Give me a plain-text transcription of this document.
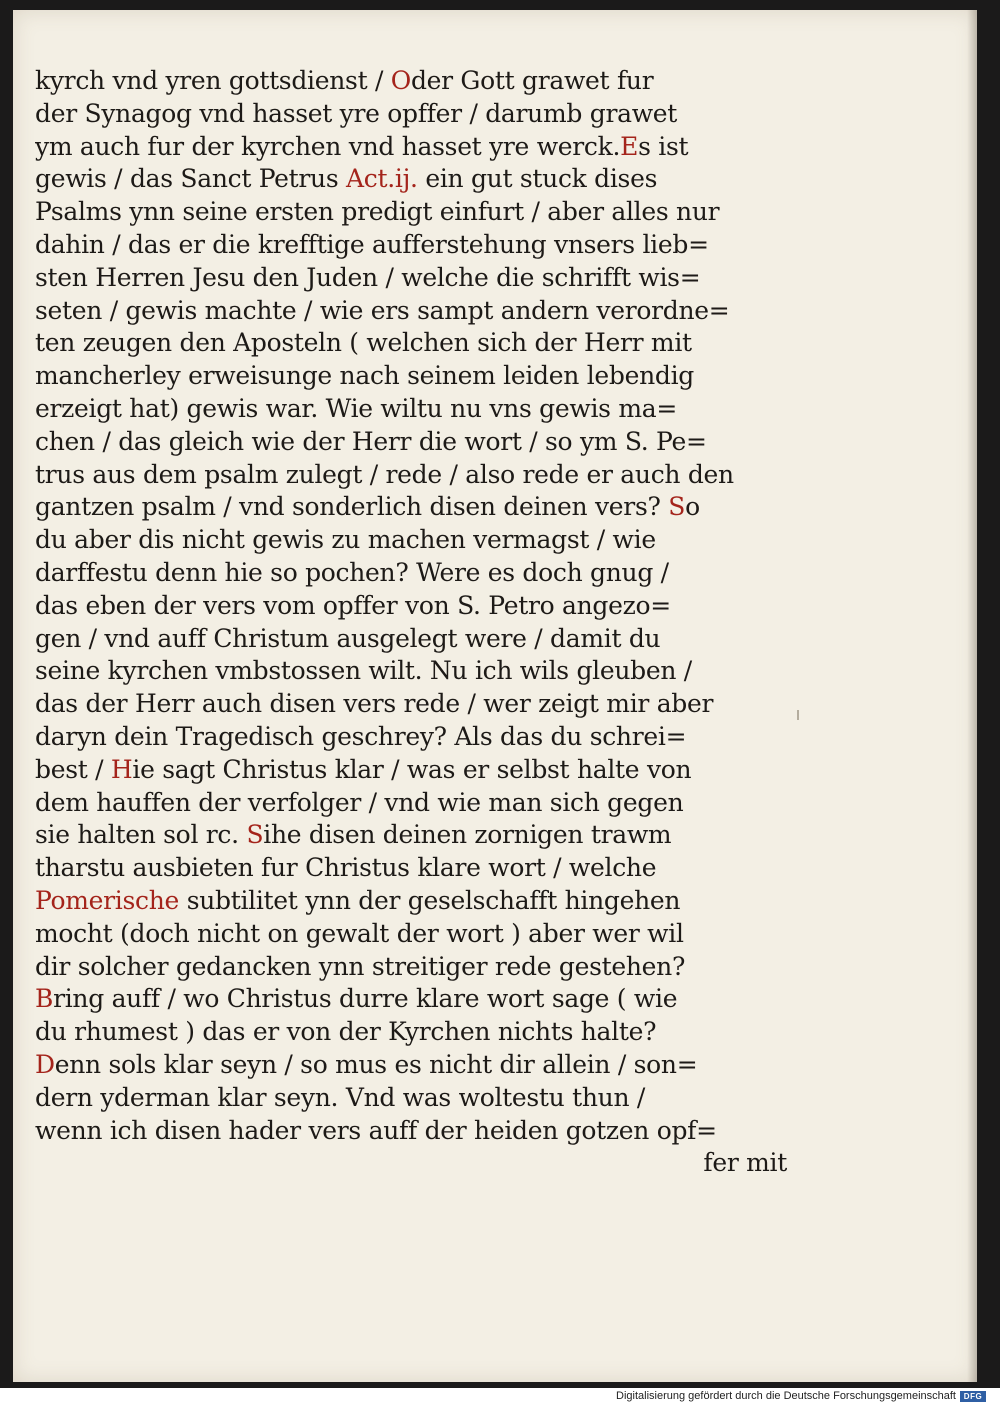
kyrch vnd yren gottsdienst / Oder Gott grawet fur
der Synagog vnd hasset yre opffer / darumb grawet
ym auch fur der kyrchen vnd hasset yre werck.Es ist
gewis / das Sanct Petrus Act.ij. ein gut stuck dises
Psalms ynn seine ersten predigt einfurt / aber alles nur
dahin / das er die krefftige aufferstehung vnsers lieb=
sten Herren Jesu den Juden / welche die schrifft wis=
seten / gewis machte / wie ers sampt andern verordne=
ten zeugen den Aposteln ( welchen sich der Herr mit
mancherley erweisunge nach seinem leiden lebendig
erzeigt hat) gewis war. Wie wiltu nu vns gewis ma=
chen / das gleich wie der Herr die wort / so ym S. Pe=
trus aus dem psalm zulegt / rede / also rede er auch den
gantzen psalm / vnd sonderlich disen deinen vers? So
du aber dis nicht gewis zu machen vermagst / wie
darffestu denn hie so pochen? Were es doch gnug /
das eben der vers vom opffer von S. Petro angezo=
gen / vnd auff Christum ausgelegt were / damit du
seine kyrchen vmbstossen wilt. Nu ich wils gleuben /
das der Herr auch disen vers rede / wer zeigt mir aber
daryn dein Tragedisch geschrey? Als das du schrei=
best / Hie sagt Christus klar / was er selbst halte von
dem hauffen der verfolger / vnd wie man sich gegen
sie halten sol rc. Sihe disen deinen zornigen trawm
tharstu ausbieten fur Christus klare wort / welche
Pomerische subtilitet ynn der geselschafft hingehen
mocht (doch nicht on gewalt der wort ) aber wer wil
dir solcher gedancken ynn streitiger rede gestehen?
Bring auff / wo Christus durre klare wort sage ( wie
du rhumest ) das er von der Kyrchen nichts halte?
Denn sols klar seyn / so mus es nicht dir allein / son=
dern yderman klar seyn. Vnd was woltestu thun /
wenn ich disen hader vers auff der heiden gotzen opf=
fer mit
Digitalisierung gefördert durch die Deutsche Forschungsgemeinschaft DFG
